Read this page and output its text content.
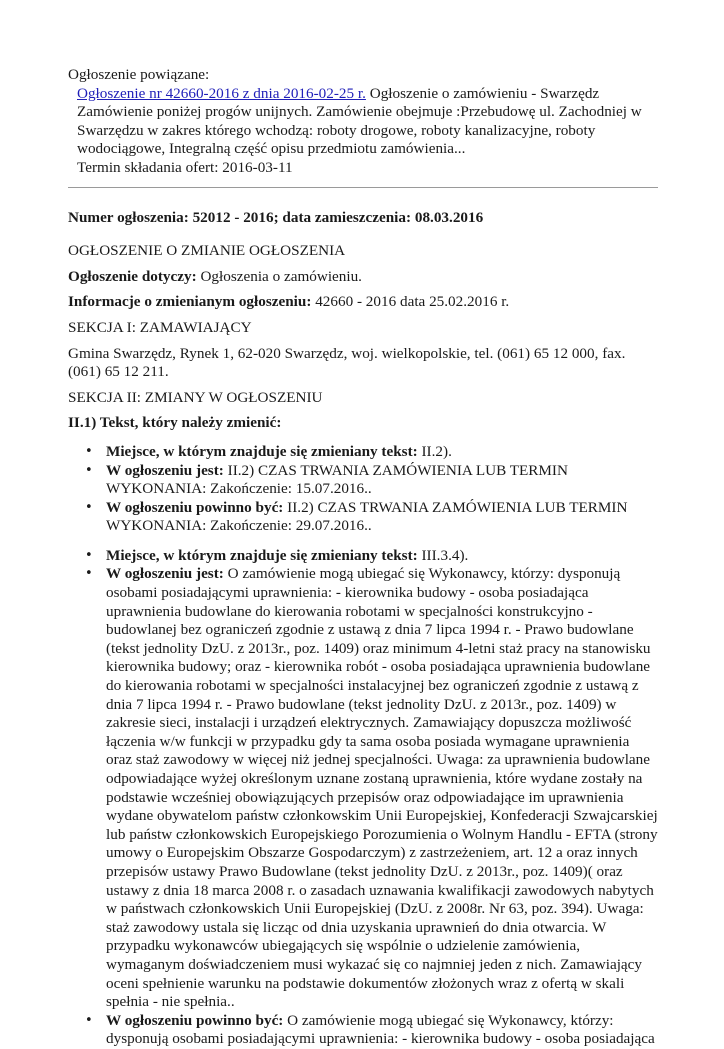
Ogłoszenie powiązane:

Ogłoszenie nr 42660-2016 z dnia 2016-02-25 r. Ogłoszenie o zamówieniu - Swarzędz Zamówienie poniżej progów unijnych. Zamówienie obejmuje :Przebudowę ul. Zachodniej w Swarzędzu w zakres którego wchodzą: roboty drogowe, roboty kanalizacyjne, roboty wodociągowe, Integralną część opisu przedmiotu zamówienia...
Termin składania ofert: 2016-03-11

Numer ogłoszenia: 52012 - 2016; data zamieszczenia: 08.03.2016

OGŁOSZENIE O ZMIANIE OGŁOSZENIA

Ogłoszenie dotyczy: Ogłoszenia o zamówieniu.

Informacje o zmienianym ogłoszeniu: 42660 - 2016 data 25.02.2016 r.

SEKCJA I: ZAMAWIAJĄCY

Gmina Swarzędz, Rynek 1, 62-020 Swarzędz, woj. wielkopolskie, tel. (061) 65 12 000, fax. (061) 65 12 211.

SEKCJA II: ZMIANY W OGŁOSZENIU

II.1) Tekst, który należy zmienić:

• Miejsce, w którym znajduje się zmieniany tekst: II.2).
• W ogłoszeniu jest: II.2) CZAS TRWANIA ZAMÓWIENIA LUB TERMIN WYKONANIA: Zakończenie: 15.07.2016..
• W ogłoszeniu powinno być: II.2) CZAS TRWANIA ZAMÓWIENIA LUB TERMIN WYKONANIA: Zakończenie: 29.07.2016..
• Miejsce, w którym znajduje się zmieniany tekst: III.3.4).
• W ogłoszeniu jest: O zamówienie mogą ubiegać się Wykonawcy, którzy: dysponują osobami posiadającymi uprawnienia: - kierownika budowy - osoba posiadająca uprawnienia budowlane do kierowania robotami w specjalności konstrukcyjno - budowlanej bez ograniczeń zgodnie z ustawą z dnia 7 lipca 1994 r. - Prawo budowlane (tekst jednolity DzU. z 2013r., poz. 1409) oraz minimum 4-letni staż pracy na stanowisku kierownika budowy; oraz - kierownika robót - osoba posiadająca uprawnienia budowlane do kierowania robotami w specjalności instalacyjnej bez ograniczeń zgodnie z ustawą z dnia 7 lipca 1994 r. - Prawo budowlane (tekst jednolity DzU. z 2013r., poz. 1409) w zakresie sieci, instalacji i urządzeń elektrycznych. Zamawiający dopuszcza możliwość łączenia w/w funkcji w przypadku gdy ta sama osoba posiada wymagane uprawnienia oraz staż zawodowy w więcej niż jednej specjalności. Uwaga: za uprawnienia budowlane odpowiadające wyżej określonym uznane zostaną uprawnienia, które wydane zostały na podstawie wcześniej obowiązujących przepisów oraz odpowiadające im uprawnienia wydane obywatelom państw członkowskim Unii Europejskiej, Konfederacji Szwajcarskiej lub państw członkowskich Europejskiego Porozumienia o Wolnym Handlu - EFTA (strony umowy o Europejskim Obszarze Gospodarczym) z zastrzeżeniem, art. 12 a oraz innych przepisów ustawy Prawo Budowlane (tekst jednolity DzU. z 2013r., poz. 1409)( oraz ustawy z dnia 18 marca 2008 r. o zasadach uznawania kwalifikacji zawodowych nabytych w państwach członkowskich Unii Europejskiej (DzU. z 2008r. Nr 63, poz. 394). Uwaga: staż zawodowy ustala się licząc od dnia uzyskania uprawnień do dnia otwarcia. W przypadku wykonawców ubiegających się wspólnie o udzielenie zamówienia, wymaganym doświadczeniem musi wykazać się co najmniej jeden z nich. Zamawiający oceni spełnienie warunku na podstawie dokumentów złożonych wraz z ofertą w skali spełnia - nie spełnia..
• W ogłoszeniu powinno być: O zamówienie mogą ubiegać się Wykonawcy, którzy: dysponują osobami posiadającymi uprawnienia: - kierownika budowy - osoba posiadająca
